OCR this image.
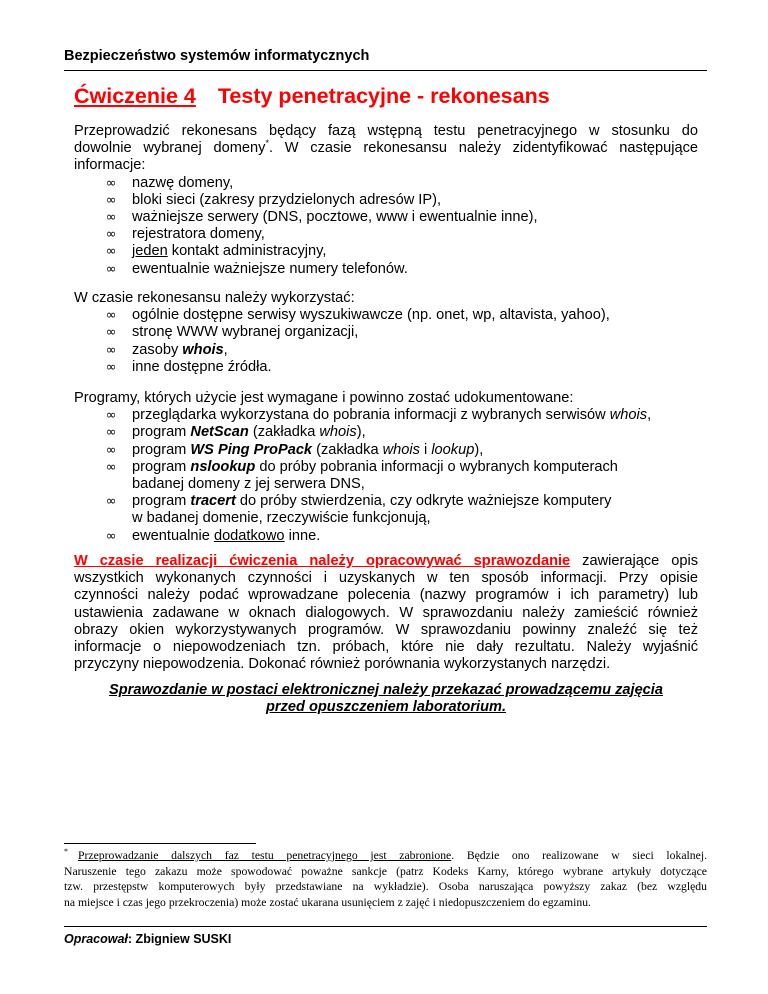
Bezpieczeństwo systemów informatycznych
Ćwiczenie 4 Testy penetracyjne - rekonesans
Przeprowadzić rekonesans będący fazą wstępną testu penetracyjnego w stosunku do
dowolnie wybranej domeny*. W czasie rekonesansu należy zidentyfikować następujące
informacje:
∞ nazwę domeny,
∞ bloki sieci (zakresy przydzielonych adresów IP),
∞ ważniejsze serwery (DNS, pocztowe, www i ewentualnie inne),
∞ rejestratora domeny,
∞ jeden kontakt administracyjny,
∞ ewentualnie ważniejsze numery telefonów.
W czasie rekonesansu należy wykorzystać:
∞ ogólnie dostępne serwisy wyszukiwawcze (np. onet, wp, altavista, yahoo),
∞ stronę WWW wybranej organizacji,
∞ zasoby whois,
∞ inne dostępne źródła.
Programy, których użycie jest wymagane i powinno zostać udokumentowane:
∞ przeglądarka wykorzystana do pobrania informacji z wybranych serwisów whois,
∞ program NetScan (zakładka whois),
∞ program WS Ping ProPack (zakładka whois i lookup),
∞ program nslookup do próby pobrania informacji o wybranych komputerach
badanej domeny z jej serwera DNS,
∞ program tracert do próby stwierdzenia, czy odkryte ważniejsze komputery
w badanej domenie, rzeczywiście funkcjonują,
∞ ewentualnie dodatkowo inne.
W czasie realizacji ćwiczenia należy opracowywać sprawozdanie zawierające opis
wszystkich wykonanych czynności i uzyskanych w ten sposób informacji. Przy opisie
czynności należy podać wprowadzane polecenia (nazwy programów i ich parametry) lub
ustawienia zadawane w oknach dialogowych. W sprawozdaniu należy zamieścić również
obrazy okien wykorzystywanych programów. W sprawozdaniu powinny znaleźć się też
informacje o niepowodzeniach tzn. próbach, które nie dały rezultatu. Należy wyjaśnić
przyczyny niepowodzenia. Dokonać również porównania wykorzystanych narzędzi.
Sprawozdanie w postaci elektronicznej należy przekazać prowadzącemu zajęcia
przed opuszczeniem laboratorium.
* Przeprowadzanie dalszych faz testu penetracyjnego jest zabronione. Będzie ono realizowane w sieci lokalnej.
Naruszenie tego zakazu może spowodować poważne sankcje (patrz Kodeks Karny, którego wybrane artykuły dotyczące
tzw. przestępstw komputerowych były przedstawiane na wykładzie). Osoba naruszająca powyższy zakaz (bez względu
na miejsce i czas jego przekroczenia) może zostać ukarana usunięciem z zajęć i niedopuszczeniem do egzaminu.
Opracował: Zbigniew SUSKI
